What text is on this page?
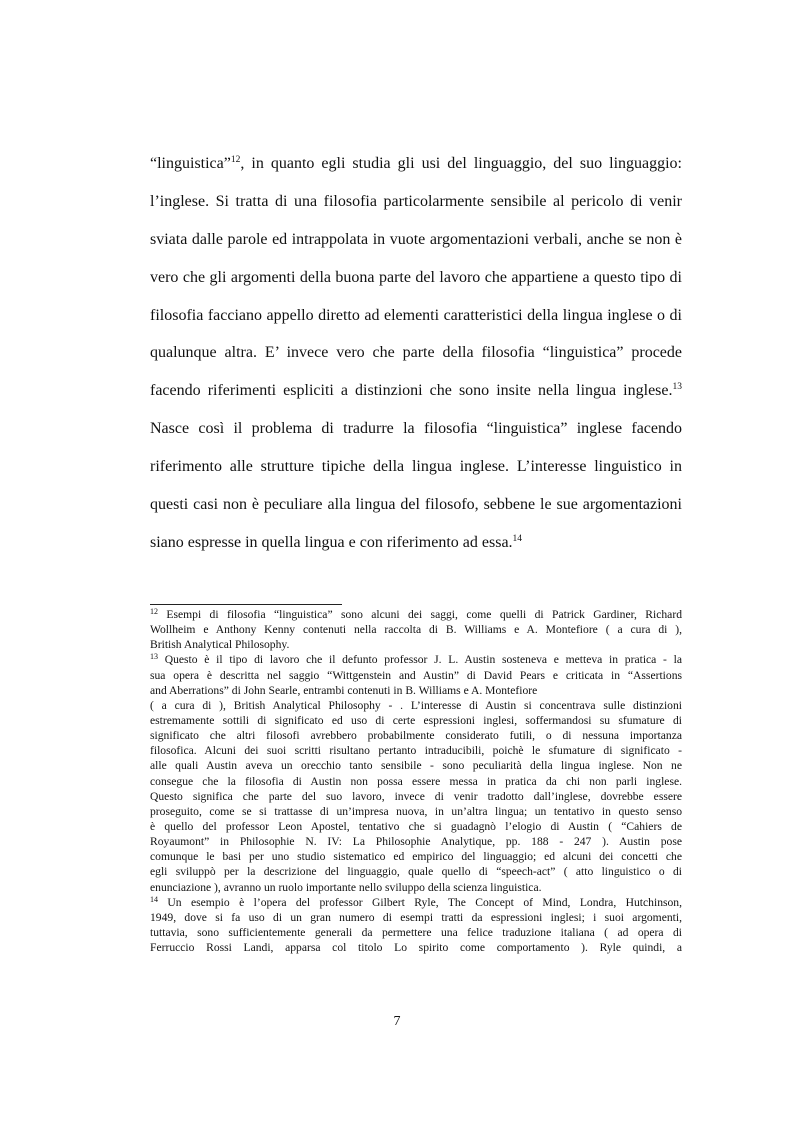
“linguistica”$^{12}$, in quanto egli studia gli usi del linguaggio, del suo linguaggio:
l’inglese. Si tratta di una filosofia particolarmente sensibile al pericolo di venir
sviata dalle parole ed intrappolata in vuote argomentazioni verbali, anche se non è
vero che gli argomenti della buona parte del lavoro che appartiene a questo tipo di
filosofia facciano appello diretto ad elementi caratteristici della lingua inglese o di
qualunque altra. E’ invece vero che parte della filosofia “linguistica” procede
facendo riferimenti espliciti a distinzioni che sono insite nella lingua inglese.$^{13}$
Nasce così il problema di tradurre la filosofia “linguistica” inglese facendo
riferimento alle strutture tipiche della lingua inglese. L’interesse linguistico in
questi casi non è peculiare alla lingua del filosofo, sebbene le sue argomentazioni
siano espresse in quella lingua e con riferimento ad essa.$^{14}$
$^{12}$ Esempi di filosofia “linguistica” sono alcuni dei saggi, come quelli di Patrick Gardiner, Richard
Wollheim e Anthony Kenny contenuti nella raccolta di B. Williams e A. Montefiore ( a cura di ),
British Analytical Philosophy.
$^{13}$ Questo è il tipo di lavoro che il defunto professor J. L. Austin sosteneva e metteva in pratica - la
sua opera è descritta nel saggio “Wittgenstein and Austin” di David Pears e criticata in “Assertions
and Aberrations” di John Searle, entrambi contenuti in B. Williams e A. Montefiore
( a cura di ), British Analytical Philosophy - . L’interesse di Austin si concentrava sulle distinzioni
estremamente sottili di significato ed uso di certe espressioni inglesi, soffermandosi su sfumature di
significato che altri filosofi avrebbero probabilmente considerato futili, o di nessuna importanza
filosofica. Alcuni dei suoi scritti risultano pertanto intraducibili, poichè le sfumature di significato -
alle quali Austin aveva un orecchio tanto sensibile - sono peculiarità della lingua inglese. Non ne
consegue che la filosofia di Austin non possa essere messa in pratica da chi non parli inglese.
Questo significa che parte del suo lavoro, invece di venir tradotto dall’inglese, dovrebbe essere
proseguito, come se si trattasse di un’impresa nuova, in un’altra lingua; un tentativo in questo senso
è quello del professor Leon Apostel, tentativo che si guadagnò l’elogio di Austin ( “Cahiers de
Royaumont” in Philosophie N. IV: La Philosophie Analytique, pp. 188 - 247 ). Austin pose
comunque le basi per uno studio sistematico ed empirico del linguaggio; ed alcuni dei concetti che
egli sviluppò per la descrizione del linguaggio, quale quello di “speech-act” ( atto linguistico o di
enunciazione ), avranno un ruolo importante nello sviluppo della scienza linguistica.
$^{14}$ Un esempio è l’opera del professor Gilbert Ryle, The Concept of Mind, Londra, Hutchinson,
1949, dove si fa uso di un gran numero di esempi tratti da espressioni inglesi; i suoi argomenti,
tuttavia, sono sufficientemente generali da permettere una felice traduzione italiana ( ad opera di
Ferruccio Rossi Landi, apparsa col titolo Lo spirito come comportamento ). Ryle quindi, a
7
